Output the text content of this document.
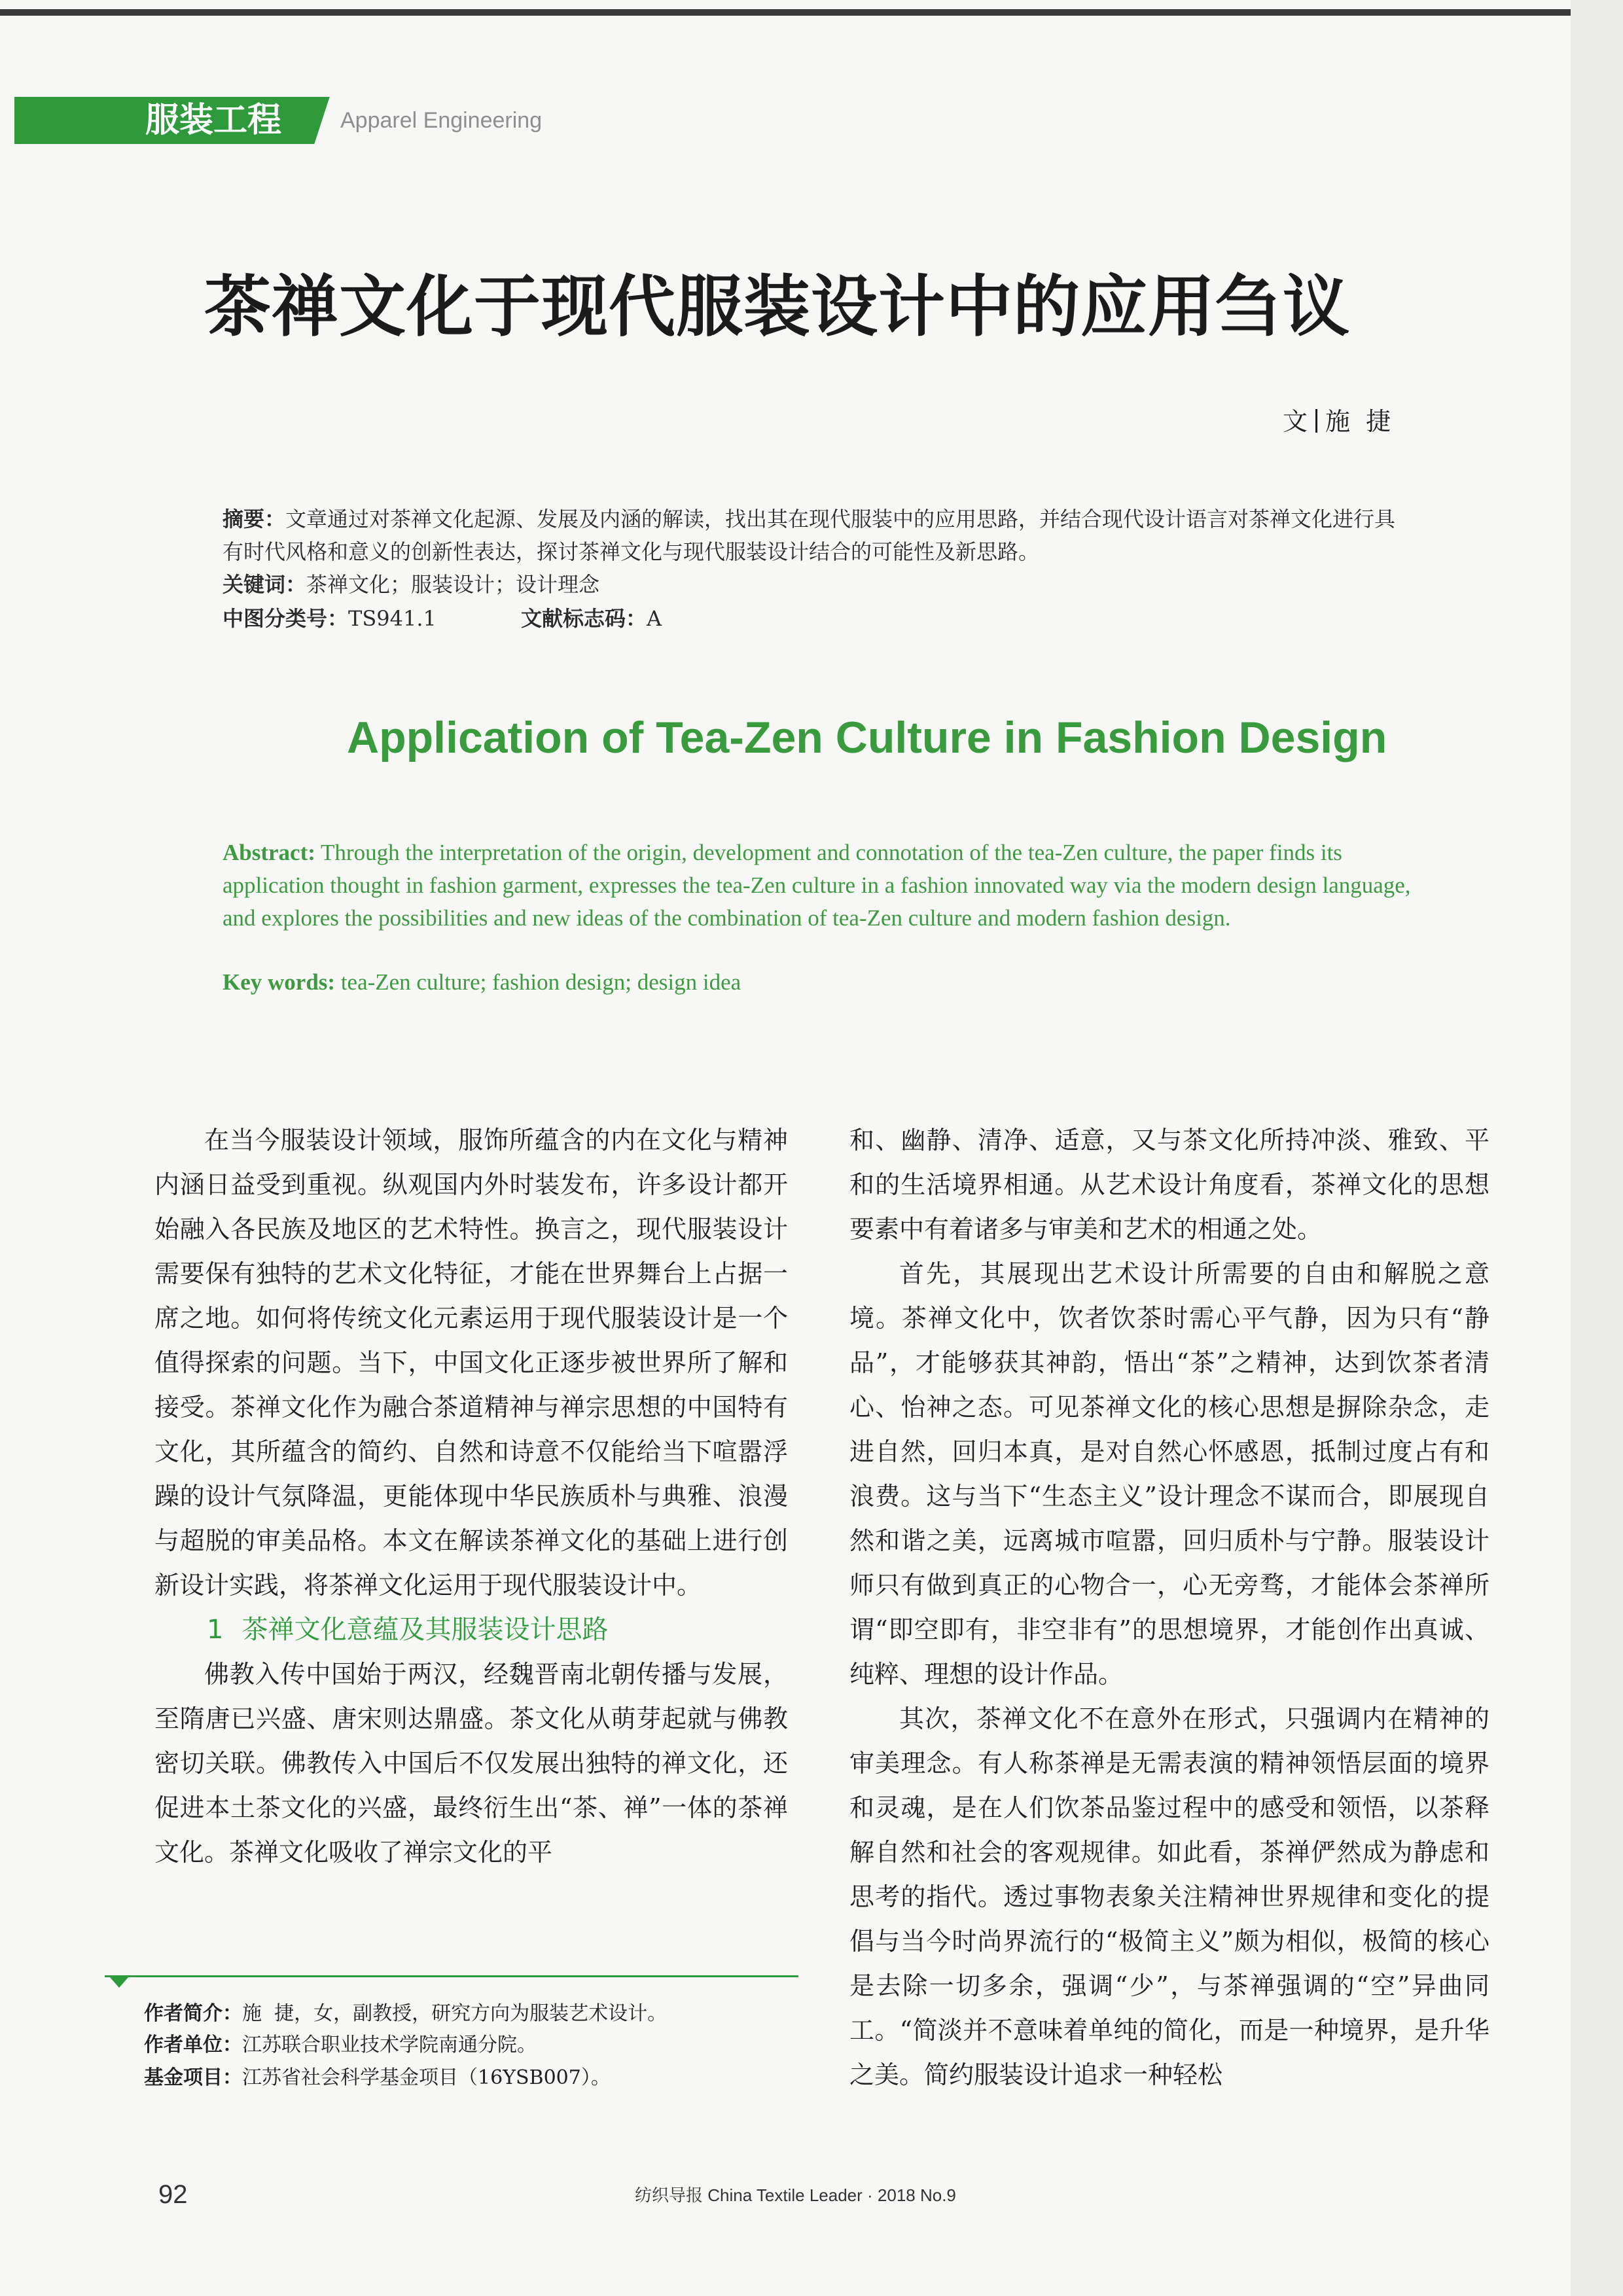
服装工程	Apparel Engineering
茶禅文化于现代服装设计中的应用刍议
文 施  捷
摘要：文章通过对茶禅文化起源、发展及内涵的解读，找出其在现代服装中的应用思路，并结合现代设计语言对茶禅文化进行具有时代风格和意义的创新性表达，探讨茶禅文化与现代服装设计结合的可能性及新思路。
关键词：茶禅文化；服装设计；设计理念
中图分类号：TS941.1	文献标志码：A
Application of Tea-Zen Culture in Fashion Design
Abstract: Through the interpretation of the origin, development and connotation of the tea-Zen culture, the paper finds its application thought in fashion garment, expresses the tea-Zen culture in a fashion innovated way via the modern design language, and explores the possibilities and new ideas of the combination of tea-Zen culture and modern fashion design.
Key words: tea-Zen culture; fashion design; design idea

在当今服装设计领域，服饰所蕴含的内在文化与精神内涵日益受到重视。纵观国内外时装发布，许多设计都开始融入各民族及地区的艺术特性。换言之，现代服装设计需要保有独特的艺术文化特征，才能在世界舞台上占据一席之地。如何将传统文化元素运用于现代服装设计是一个值得探索的问题。当下，中国文化正逐步被世界所了解和接受。茶禅文化作为融合茶道精神与禅宗思想的中国特有文化，其所蕴含的简约、自然和诗意不仅能给当下喧嚣浮躁的设计气氛降温，更能体现中华民族质朴与典雅、浪漫与超脱的审美品格。本文在解读茶禅文化的基础上进行创新设计实践，将茶禅文化运用于现代服装设计中。

1 茶禅文化意蕴及其服装设计思路

佛教入传中国始于两汉，经魏晋南北朝传播与发展，至隋唐已兴盛、唐宋则达鼎盛。茶文化从萌芽起就与佛教密切关联。佛教传入中国后不仅发展出独特的禅文化，还促进本土茶文化的兴盛，最终衍生出“茶、禅”一体的茶禅文化。茶禅文化吸收了禅宗文化的平

和、幽静、清净、适意，又与茶文化所持冲淡、雅致、平和的生活境界相通。从艺术设计角度看，茶禅文化的思想要素中有着诸多与审美和艺术的相通之处。

首先，其展现出艺术设计所需要的自由和解脱之意境。茶禅文化中，饮者饮茶时需心平气静，因为只有“静品”，才能够获其神韵，悟出“茶”之精神，达到饮茶者清心、怡神之态。可见茶禅文化的核心思想是摒除杂念，走进自然，回归本真，是对自然心怀感恩，抵制过度占有和浪费。这与当下“生态主义”设计理念不谋而合，即展现自然和谐之美，远离城市喧嚣，回归质朴与宁静。服装设计师只有做到真正的心物合一，心无旁骛，才能体会茶禅所谓“即空即有，非空非有”的思想境界，才能创作出真诚、纯粹、理想的设计作品。

其次，茶禅文化不在意外在形式，只强调内在精神的审美理念。有人称茶禅是无需表演的精神领悟层面的境界和灵魂，是在人们饮茶品鉴过程中的感受和领悟，以茶释解自然和社会的客观规律。如此看，茶禅俨然成为静虑和思考的指代。透过事物表象关注精神世界规律和变化的提倡与当今时尚界流行的“极简主义”颇为相似，极简的核心是去除一切多余，强调“少”，与茶禅强调的“空”异曲同工。“简淡并不意味着单纯的简化，而是一种境界，是升华之美。简约服装设计追求一种轻松

作者简介：施  捷，女，副教授，研究方向为服装艺术设计。
作者单位：江苏联合职业技术学院南通分院。
基金项目：江苏省社会科学基金项目（16YSB007）。
92	纺织导报 China Textile Leader · 2018 No.9
